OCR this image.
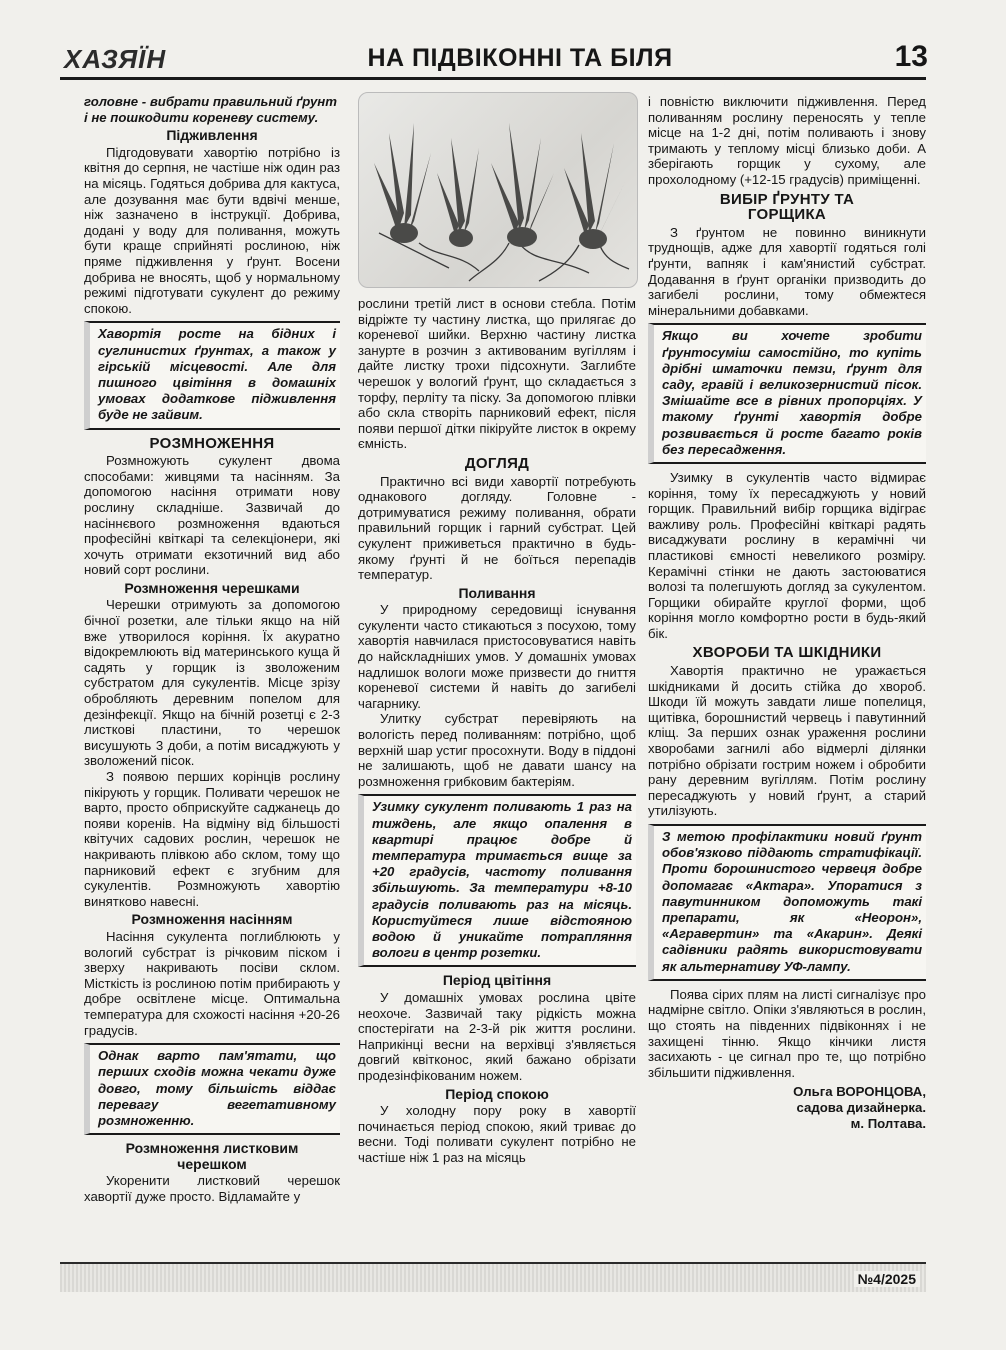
ХАЗЯЇН	НА ПІДВІКОННІ ТА БІЛЯ	13

головне - вибрати правильний ґрунт і не пошкодити кореневу систему.

Підживлення

Підгодовувати хавортію потрібно із квітня до серпня, не частіше ніж один раз на місяць. Годяться добрива для кактуса, але дозування має бути вдвічі менше, ніж зазначено в інструкції. Добрива, додані у воду для поливання, можуть бути краще сприйняті рослиною, ніж пряме підживлення у ґрунт. Восени добрива не вносять, щоб у нормальному режимі підготувати сукулент до режиму спокою.

Хавортія росте на бідних і суглинистих ґрунтах, а також у гірській місцевості. Але для пишного цвітіння в домашніх умовах додаткове підживлення буде не зайвим.
РОЗМНОЖЕННЯ

Розмножують сукулент двома способами: живцями та насінням. За допомогою насіння отримати нову рослину складніше. Зазвичай до насіннєвого розмноження вдаються професійні квіткарі та селекціонери, які хочуть отримати екзотичний вид або новий сорт рослини.

Розмноження черешками

Черешки отримують за допомогою бічної розетки, але тільки якщо на ній вже утворилося коріння. Їх акуратно відокремлюють від материнського куща й садять у горщик із зволоженим субстратом для сукулентів. Місце зрізу обробляють деревним попелом для дезінфекції. Якщо на бічній розетці є 2-3 листкові пластини, то черешок висушують 3 доби, а потім висаджують у зволожений пісок.

З появою перших корінців рослину пікірують у горщик. Поливати черешок не варто, просто обприскуйте саджанець до появи коренів. На відміну від більшості квітучих садових рослин, черешок не накривають плівкою або склом, тому що парниковий ефект є згубним для сукулентів. Розмножують хавортію винятково навесні.

Розмноження насінням

Насіння сукулента поглиблюють у вологий субстрат із річковим піском і зверху накривають посіви склом. Місткість із рослиною потім прибирають у добре освітлене місце. Оптимальна температура для схожості насіння +20-26 градусів.

Однак варто пам'ятати, що перших сходів можна чекати дуже довго, тому більшість віддає перевагу вегетативному розмноженню.
Розмноження листковим черешком

Укоренити листковий черешок хавортії дуже просто. Відламайте у

рослини третій лист в основи стебла. Потім відріжте ту частину листка, що прилягає до кореневої шийки. Верхню частину листка занурте в розчин з активованим вугіллям і дайте листку трохи підсохнути. Заглибте черешок у вологий ґрунт, що складається з торфу, перліту та піску. За допомогою плівки або скла створіть парниковий ефект, після появи першої дітки пікіруйте листок в окрему ємність.

ДОГЛЯД

Практично всі види хавортії потребують однакового догляду. Головне - дотримуватися режиму поливання, обрати правильний горщик і гарний субстрат. Цей сукулент приживеться практично в будь-якому ґрунті й не боїться перепадів температур.

Поливання

У природному середовищі існування сукуленти часто стикаються з посухою, тому хавортія навчилася пристосовуватися навіть до найскладніших умов. У домашніх умовах надлишок вологи може призвести до гниття кореневої системи й навіть до загибелі чагарнику.

Улитку субстрат перевіряють на вологість перед поливанням: потрібно, щоб верхній шар устиг просохнути. Воду в піддоні не залишають, щоб не давати шансу на розмноження грибковим бактеріям.

Узимку сукулент поливають 1 раз на тиждень, але якщо опалення в квартирі працює добре й температура тримається вище за +20 градусів, частоту поливання збільшують. За температури +8-10 градусів поливають раз на місяць. Користуйтеся лише відстояною водою й уникайте потрапляння вологи в центр розетки.
Період цвітіння

У домашніх умовах рослина цвіте неохоче. Зазвичай таку рідкість можна спостерігати на 2-3-й рік життя рослини. Наприкінці весни на верхівці з'являється довгий квітконос, який бажано обрізати продезінфікованим ножем.

Період спокою

У холодну пору року в хавортії починається період спокою, який триває до весни. Тоді поливати сукулент потрібно не частіше ніж 1 раз на місяць

і повністю виключити підживлення. Перед поливанням рослину переносять у тепле місце на 1-2 дні, потім поливають і знову тримають у теплому місці близько доби. А зберігають горщик у сухому, але прохолодному (+12-15 градусів) приміщенні.

ВИБІР ҐРУНТУ ТА ГОРЩИКА

З ґрунтом не повинно виникнути труднощів, адже для хавортії годяться голі ґрунти, вапняк і кам'янистий субстрат. Додавання в ґрунт органіки призводить до загибелі рослини, тому обмежтеся мінеральними добавками.

Якщо ви хочете зробити ґрунтосуміш самостійно, то купіть дрібні шматочки пемзи, ґрунт для саду, гравій і великозернистий пісок. Змішайте все в рівних пропорціях. У такому ґрунті хавортія добре розвивається й росте багато років без пересадження.

Узимку в сукулентів часто відмирає коріння, тому їх пересаджують у новий горщик. Правильний вибір горщика відіграє важливу роль. Професійні квіткарі радять висаджувати рослину в керамічні чи пластикові ємності невеликого розміру. Керамічні стінки не дають застоюватися волозі та полегшують догляд за сукулентом. Горщики обирайте круглої форми, щоб коріння могло комфортно рости в будь-який бік.

ХВОРОБИ ТА ШКІДНИКИ

Хавортія практично не уражається шкідниками й досить стійка до хвороб. Шкоди їй можуть завдати лише попелиця, щитівка, борошнистий червець і павутинний кліщ. За перших ознак ураження рослини хворобами загнилі або відмерлі ділянки потрібно обрізати гострим ножем і обробити рану деревним вугіллям. Потім рослину пересаджують у новий ґрунт, а старий утилізують.

З метою профілактики новий ґрунт обов'язково піддають стратифікації. Проти борошнистого червеця добре допомагає «Актара». Упоратися з павутинником допоможуть такі препарати, як «Неорон», «Агравертин» та «Акарин». Деякі садівники радять використовувати як альтернативу УФ-лампу.

Поява сірих плям на листі сигналізує про надмірне світло. Опіки з'являються в рослин, що стоять на південних підвіконнях і не захищені тінню. Якщо кінчики листя засихають - це сигнал про те, що потрібно збільшити підживлення.

Ольга ВОРОНЦОВА,
садова дизайнерка.
м. Полтава.
№4/2025
